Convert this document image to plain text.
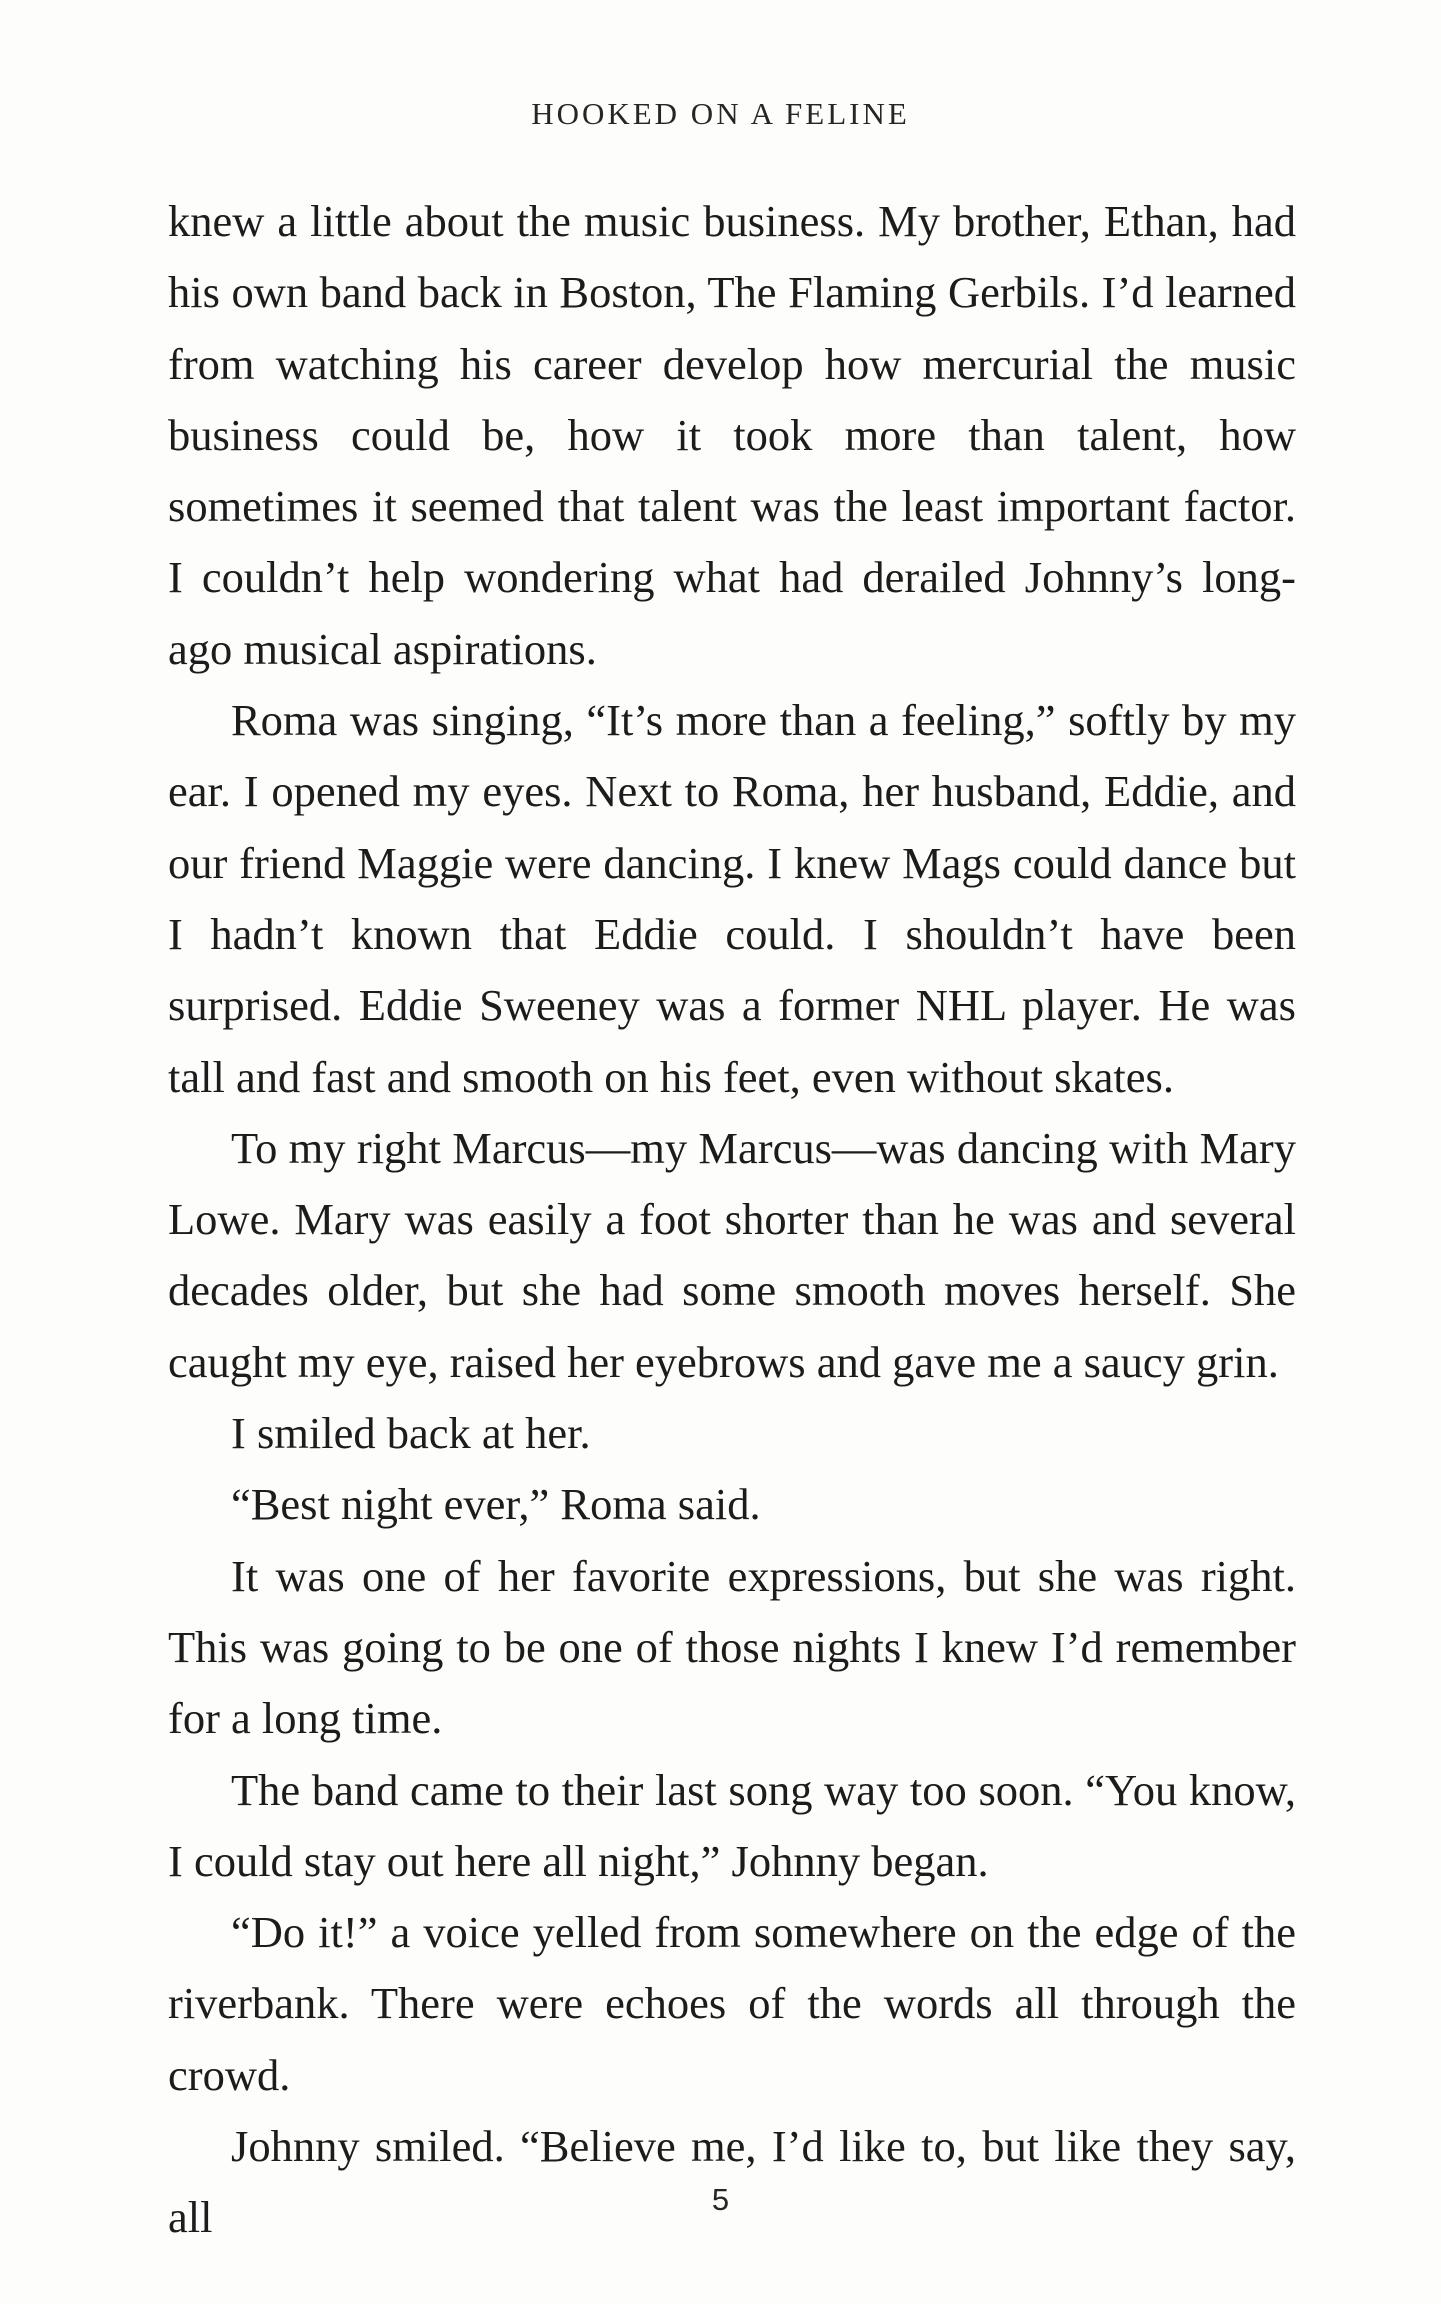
HOOKED ON A FELINE

knew a little about the music business. My brother, Ethan, had his own band back in Boston, The Flaming Gerbils. I’d learned from watching his career develop how mercurial the music business could be, how it took more than talent, how sometimes it seemed that talent was the least important factor. I couldn’t help wondering what had derailed Johnny’s long-ago musical aspirations.

Roma was singing, “It’s more than a feeling,” softly by my ear. I opened my eyes. Next to Roma, her husband, Eddie, and our friend Maggie were dancing. I knew Mags could dance but I hadn’t known that Eddie could. I shouldn’t have been surprised. Eddie Sweeney was a former NHL player. He was tall and fast and smooth on his feet, even without skates.

To my right Marcus—my Marcus—was dancing with Mary Lowe. Mary was easily a foot shorter than he was and several decades older, but she had some smooth moves herself. She caught my eye, raised her eyebrows and gave me a saucy grin.

I smiled back at her.

“Best night ever,” Roma said.

It was one of her favorite expressions, but she was right. This was going to be one of those nights I knew I’d remember for a long time.

The band came to their last song way too soon. “You know, I could stay out here all night,” Johnny began.

“Do it!” a voice yelled from somewhere on the edge of the riverbank. There were echoes of the words all through the crowd.

Johnny smiled. “Believe me, I’d like to, but like they say, all	5
